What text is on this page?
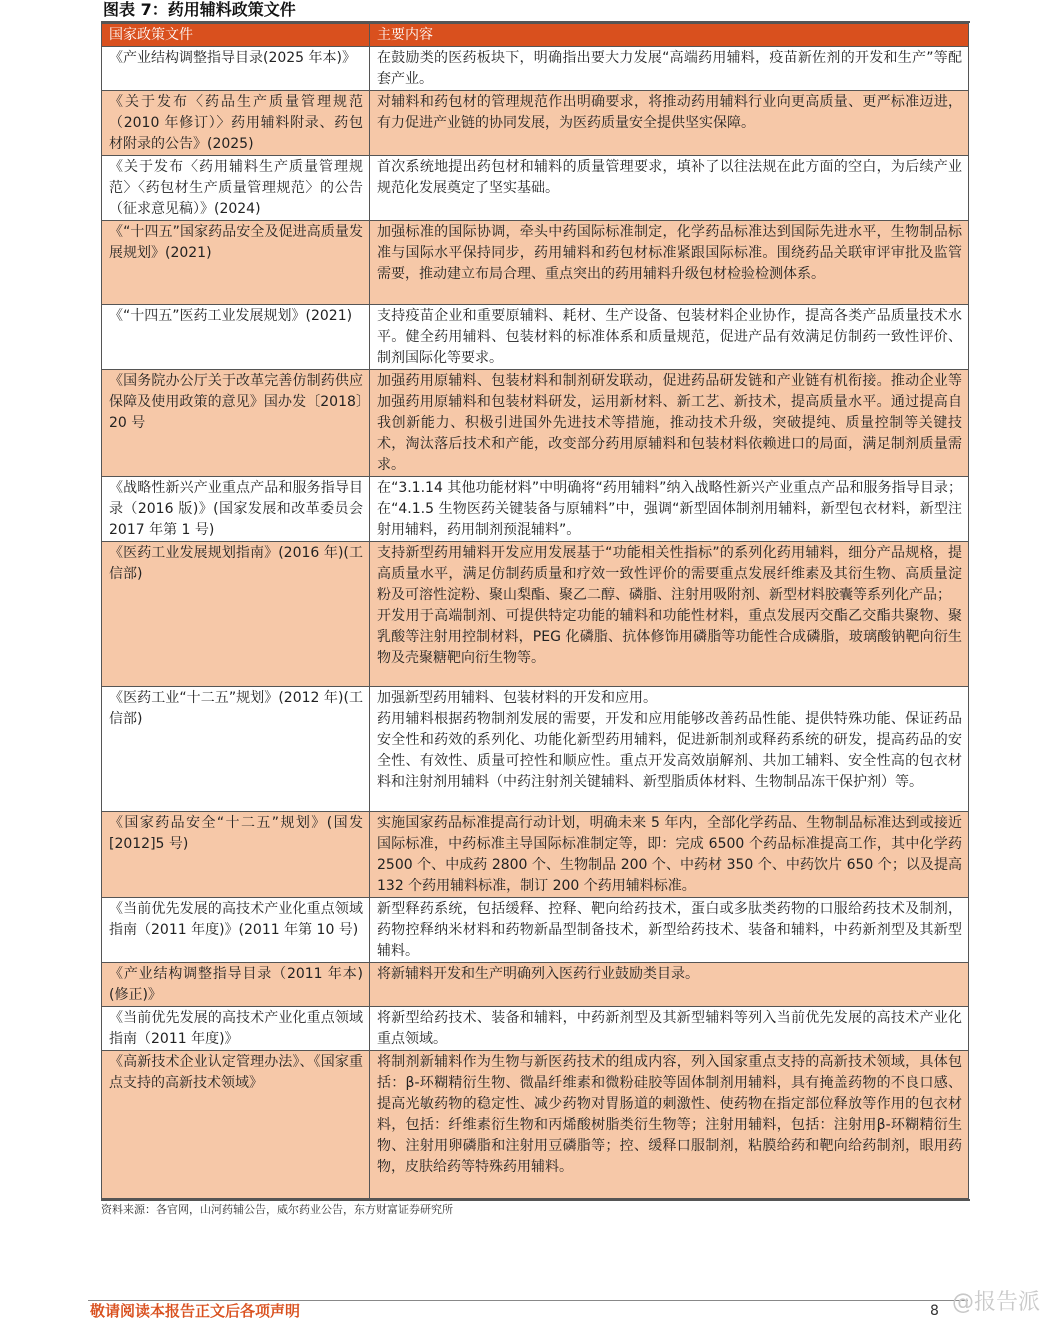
图表 7：药用辅料政策文件
国家政策文件	主要内容
《产业结构调整指导目录(2025 年本)》	在鼓励类的医药板块下，明确指出要大力发展“高端药用辅料，疫苗新佐剂的开发和生产”等配套产业。
《关于发布〈药品生产质量管理规范（2010 年修订）〉药用辅料附录、药包材附录的公告》(2025)	对辅料和药包材的管理规范作出明确要求，将推动药用辅料行业向更高质量、更严标准迈进，有力促进产业链的协同发展，为医药质量安全提供坚实保障。
《关于发布〈药用辅料生产质量管理规范〉〈药包材生产质量管理规范〉的公告（征求意见稿）》(2024)	首次系统地提出药包材和辅料的质量管理要求，填补了以往法规在此方面的空白，为后续产业规范化发展奠定了坚实基础。
《“十四五”国家药品安全及促进高质量发展规划》(2021)	加强标准的国际协调，牵头中药国际标准制定，化学药品标准达到国际先进水平，生物制品标准与国际水平保持同步，药用辅料和药包材标准紧跟国际标准。围绕药品关联审评审批及监管需要，推动建立布局合理、重点突出的药用辅料升级包材检验检测体系。
《“十四五”医药工业发展规划》(2021)	支持疫苗企业和重要原辅料、耗材、生产设备、包装材料企业协作，提高各类产品质量技术水平。健全药用辅料、包装材料的标准体系和质量规范，促进产品有效满足仿制药一致性评价、制剂国际化等要求。
《国务院办公厅关于改革完善仿制药供应保障及使用政策的意见》国办发〔2018〕20 号	加强药用原辅料、包装材料和制剂研发联动，促进药品研发链和产业链有机衔接。推动企业等加强药用原辅料和包装材料研发，运用新材料、新工艺、新技术，提高质量水平。通过提高自我创新能力、积极引进国外先进技术等措施，推动技术升级，突破提纯、质量控制等关键技术，淘汰落后技术和产能，改变部分药用原辅料和包装材料依赖进口的局面，满足制剂质量需求。
《战略性新兴产业重点产品和服务指导目录（2016 版)》(国家发展和改革委员会 2017 年第 1 号)	在“3.1.14 其他功能材料”中明确将“药用辅料”纳入战略性新兴产业重点产品和服务指导目录；在“4.1.5 生物医药关键装备与原辅料”中，强调“新型固体制剂用辅料，新型包衣材料，新型注射用辅料，药用制剂预混辅料”。
《医药工业发展规划指南》(2016 年)(工信部)	支持新型药用辅料开发应用发展基于“功能相关性指标”的系列化药用辅料，细分产品规格，提高质量水平，满足仿制药质量和疗效一致性评价的需要重点发展纤维素及其衍生物、高质量淀粉及可溶性淀粉、聚山梨酯、聚乙二醇、磷脂、注射用吸附剂、新型材料胶囊等系列化产品；
开发用于高端制剂、可提供特定功能的辅料和功能性材料，重点发展丙交酯乙交酯共聚物、聚乳酸等注射用控制材料，PEG 化磷脂、抗体修饰用磷脂等功能性合成磷脂，玻璃酸钠靶向衍生物及壳聚糖靶向衍生物等。
《医药工业“十二五”规划》(2012 年)(工信部)	加强新型药用辅料、包装材料的开发和应用。
药用辅料根据药物制剂发展的需要，开发和应用能够改善药品性能、提供特殊功能、保证药品安全性和药效的系列化、功能化新型药用辅料，促进新制剂或释药系统的研发，提高药品的安全性、有效性、质量可控性和顺应性。重点开发高效崩解剂、共加工辅料、安全性高的包衣材料和注射剂用辅料（中药注射剂关键辅料、新型脂质体材料、生物制品冻干保护剂）等。
《国家药品安全“十二五”规划》(国发[2012]5 号)	实施国家药品标准提高行动计划，明确未来 5 年内，全部化学药品、生物制品标准达到或接近国际标准，中药标准主导国际标准制定等，即：完成 6500 个药品标准提高工作，其中化学药 2500 个、中成药 2800 个、生物制品 200 个、中药材 350 个、中药饮片 650 个；以及提高 132 个药用辅料标准，制订 200 个药用辅料标准。
《当前优先发展的高技术产业化重点领域指南（2011 年度)》(2011 年第 10 号)	新型释药系统，包括缓释、控释、靶向给药技术，蛋白或多肽类药物的口服给药技术及制剂，药物控释纳米材料和药物新晶型制备技术，新型给药技术、装备和辅料，中药新剂型及其新型辅料。
《产业结构调整指导目录（2011 年本)(修正)》	将新辅料开发和生产明确列入医药行业鼓励类目录。
《当前优先发展的高技术产业化重点领域指南（2011 年度)》	将新型给药技术、装备和辅料，中药新剂型及其新型辅料等列入当前优先发展的高技术产业化重点领域。
《高新技术企业认定管理办法》、《国家重点支持的高新技术领域》	将制剂新辅料作为生物与新医药技术的组成内容，列入国家重点支持的高新技术领域，具体包括：β-环糊精衍生物、微晶纤维素和微粉硅胶等固体制剂用辅料，具有掩盖药物的不良口感、提高光敏药物的稳定性、减少药物对胃肠道的刺激性、使药物在指定部位释放等作用的包衣材料，包括：纤维素衍生物和丙烯酸树脂类衍生物等；注射用辅料，包括：注射用β-环糊精衍生物、注射用卵磷脂和注射用豆磷脂等；控、缓释口服制剂，粘膜给药和靶向给药制剂，眼用药物，皮肤给药等特殊药用辅料。
资料来源：各官网，山河药辅公告，威尔药业公告，东方财富证券研究所
敬请阅读本报告正文后各项声明	8 @报告派
